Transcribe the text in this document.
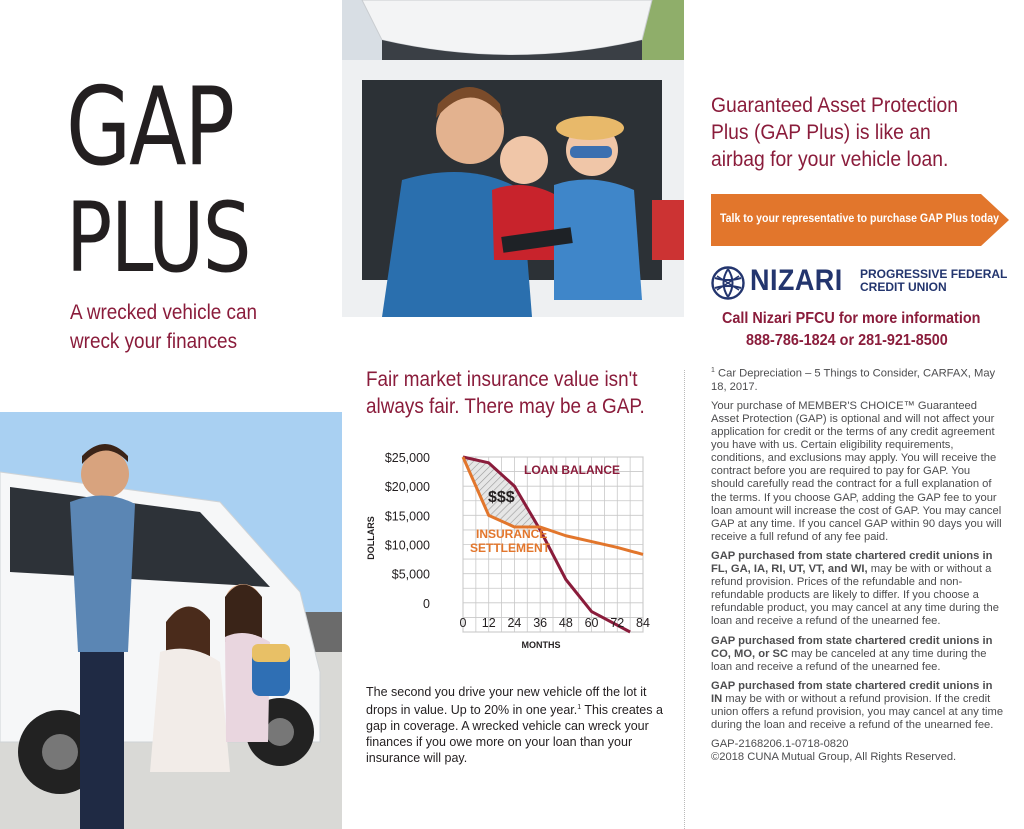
GAP
PLUS
A wrecked vehicle can
wreck your finances
Fair market insurance value isn't
always fair. There may be a GAP.
$25,000
$20,000
$15,000
$10,000
$5,000
0
0 12 24 36 48 60 72 84
DOLLARS
MONTHS
LOAN BALANCE
INSURANCE
SETTLEMENT
$$$
The second you drive your new vehicle off the lot it drops in value. Up to 20% in one year.$^1$ This creates a gap in coverage. A wrecked vehicle can wreck your finances if you owe more on your loan than your insurance will pay.
Guaranteed Asset Protection
Plus (GAP Plus) is like an
airbag for your vehicle loan.
Talk to your representative to purchase GAP Plus today
NIZARI PROGRESSIVE FEDERAL
CREDIT UNION
Call Nizari PFCU for more information
888-786-1824 or 281-921-8500

$^1$ Car Depreciation – 5 Things to Consider, CARFAX, May 18, 2017.

Your purchase of MEMBER'S CHOICE™ Guaranteed Asset Protection (GAP) is optional and will not affect your application for credit or the terms of any credit agreement you have with us. Certain eligibility requirements, conditions, and exclusions may apply. You will receive the contract before you are required to pay for GAP. You should carefully read the contract for a full explanation of the terms. If you choose GAP, adding the GAP fee to your loan amount will increase the cost of GAP. You may cancel GAP at any time. If you cancel GAP within 90 days you will receive a full refund of any fee paid.

GAP purchased from state chartered credit unions in FL, GA, IA, RI, UT, VT, and WI, may be with or without a refund provision. Prices of the refundable and non-refundable products are likely to differ. If you choose a refundable product, you may cancel at any time during the loan and receive a refund of the unearned fee.

GAP purchased from state chartered credit unions in CO, MO, or SC may be canceled at any time during the loan and receive a refund of the unearned fee.

GAP purchased from state chartered credit unions in IN may be with or without a refund provision. If the credit union offers a refund provision, you may cancel at any time during the loan and receive a refund of the unearned fee.

GAP-2168206.1-0718-0820
©2018 CUNA Mutual Group, All Rights Reserved.
